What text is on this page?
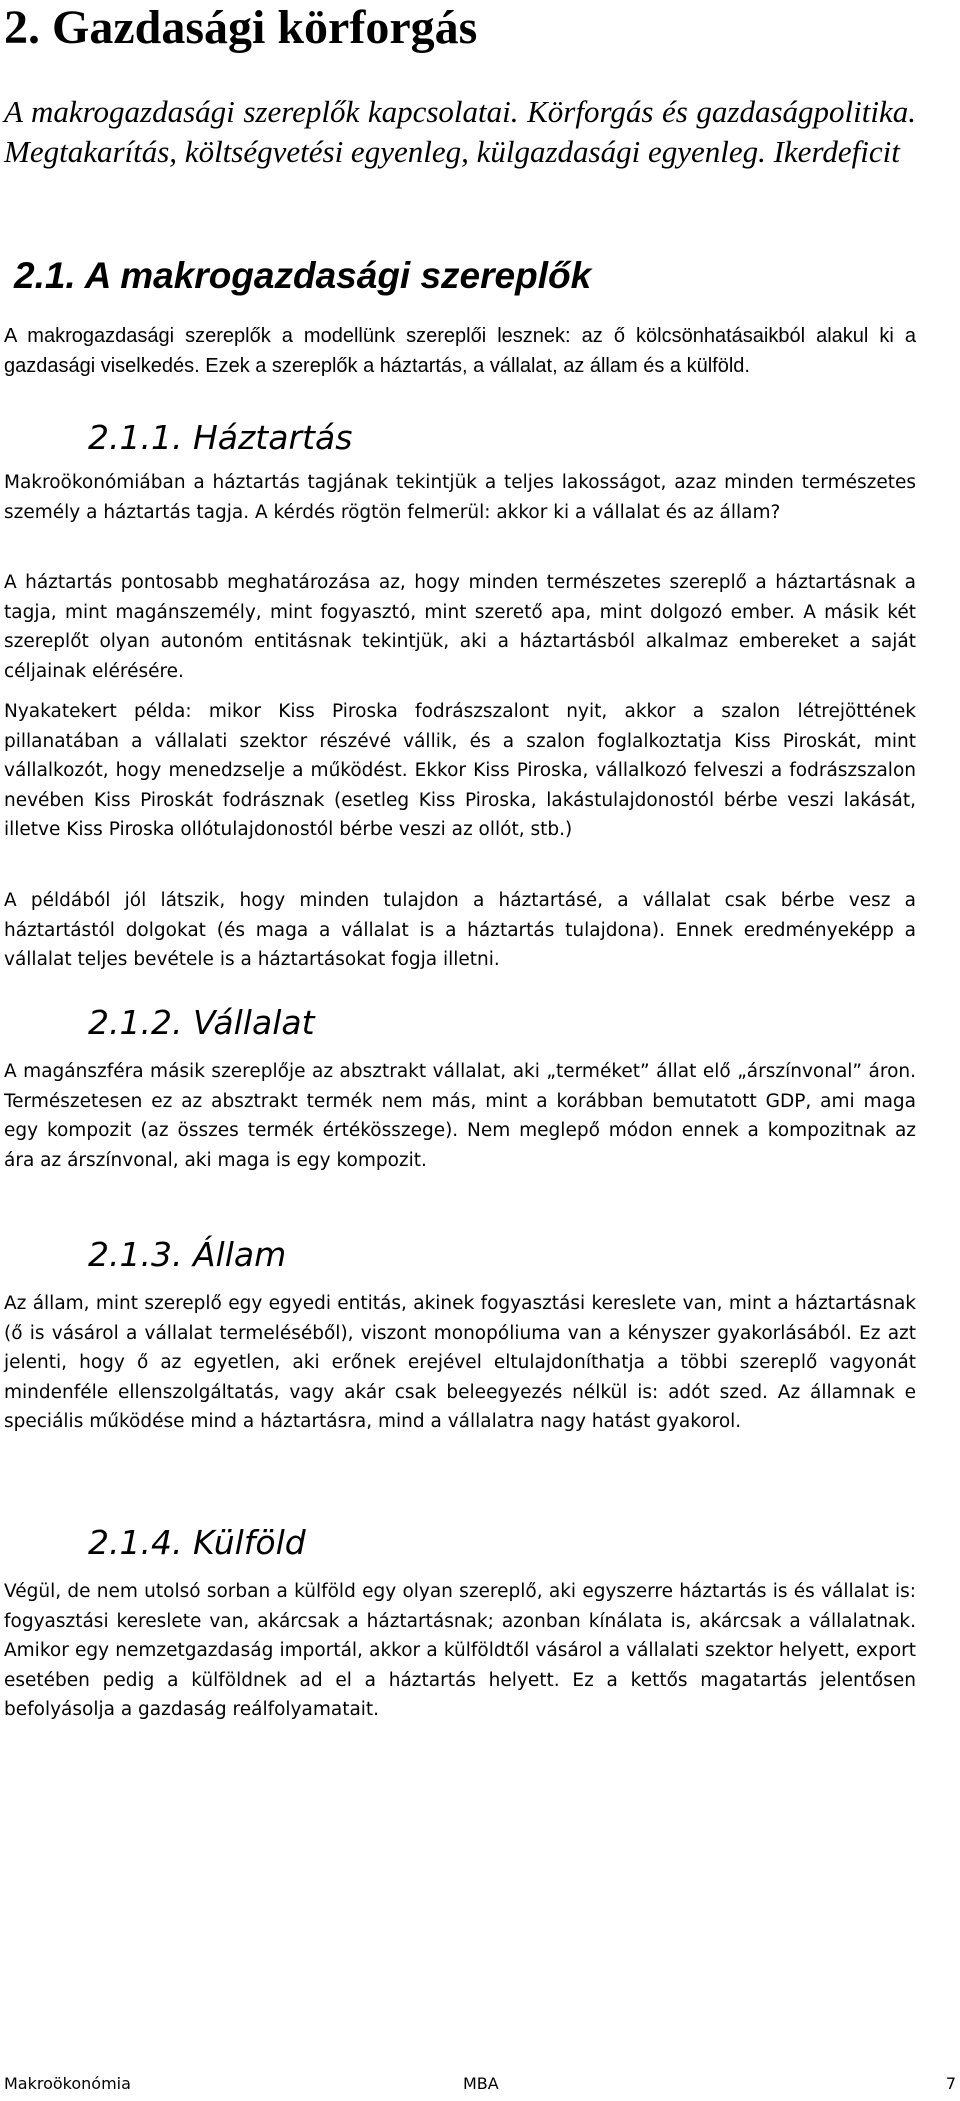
2. Gazdasági körforgás

A makrogazdasági szereplők kapcsolatai. Körforgás és gazdaságpolitika. Megtakarítás, költségvetési egyenleg, külgazdasági egyenleg. Ikerdeficit

2.1. A makrogazdasági szereplők

A makrogazdasági szereplők a modellünk szereplői lesznek: az ő kölcsönhatásaikból alakul ki a gazdasági viselkedés. Ezek a szereplők a háztartás, a vállalat, az állam és a külföld.

2.1.1. Háztartás

Makroökonómiában a háztartás tagjának tekintjük a teljes lakosságot, azaz minden természetes személy a háztartás tagja. A kérdés rögtön felmerül: akkor ki a vállalat és az állam?

A háztartás pontosabb meghatározása az, hogy minden természetes szereplő a háztartásnak a tagja, mint magánszemély, mint fogyasztó, mint szerető apa, mint dolgozó ember. A másik két szereplőt olyan autonóm entitásnak tekintjük, aki a háztartásból alkalmaz embereket a saját céljainak elérésére.

Nyakatekert példa: mikor Kiss Piroska fodrászszalont nyit, akkor a szalon létrejöttének pillanatában a vállalati szektor részévé vállik, és a szalon foglalkoztatja Kiss Piroskát, mint vállalkozót, hogy menedzselje a működést. Ekkor Kiss Piroska, vállalkozó felveszi a fodrászszalon nevében Kiss Piroskát fodrásznak (esetleg Kiss Piroska, lakástulajdonostól bérbe veszi lakását, illetve Kiss Piroska ollótulajdonostól bérbe veszi az ollót, stb.)

A példából jól látszik, hogy minden tulajdon a háztartásé, a vállalat csak bérbe vesz a háztartástól dolgokat (és maga a vállalat is a háztartás tulajdona). Ennek eredményeképp a vállalat teljes bevétele is a háztartásokat fogja illetni.

2.1.2. Vállalat

A magánszféra másik szereplője az absztrakt vállalat, aki „terméket” állat elő „árszínvonal” áron. Természetesen ez az absztrakt termék nem más, mint a korábban bemutatott GDP, ami maga egy kompozit (az összes termék értékösszege). Nem meglepő módon ennek a kompozitnak az ára az árszínvonal, aki maga is egy kompozit.

2.1.3. Állam

Az állam, mint szereplő egy egyedi entitás, akinek fogyasztási kereslete van, mint a háztartásnak (ő is vásárol a vállalat termeléséből), viszont monopóliuma van a kényszer gyakorlásából. Ez azt jelenti, hogy ő az egyetlen, aki erőnek erejével eltulajdoníthatja a többi szereplő vagyonát mindenféle ellenszolgáltatás, vagy akár csak beleegyezés nélkül is: adót szed. Az államnak e speciális működése mind a háztartásra, mind a vállalatra nagy hatást gyakorol.

2.1.4. Külföld

Végül, de nem utolsó sorban a külföld egy olyan szereplő, aki egyszerre háztartás is és vállalat is: fogyasztási kereslete van, akárcsak a háztartásnak; azonban kínálata is, akárcsak a vállalatnak. Amikor egy nemzetgazdaság importál, akkor a külföldtől vásárol a vállalati szektor helyett, export esetében pedig a külföldnek ad el a háztartás helyett. Ez a kettős magatartás jelentősen befolyásolja a gazdaság reálfolyamatait.

Makroökonómia	MBA	7
